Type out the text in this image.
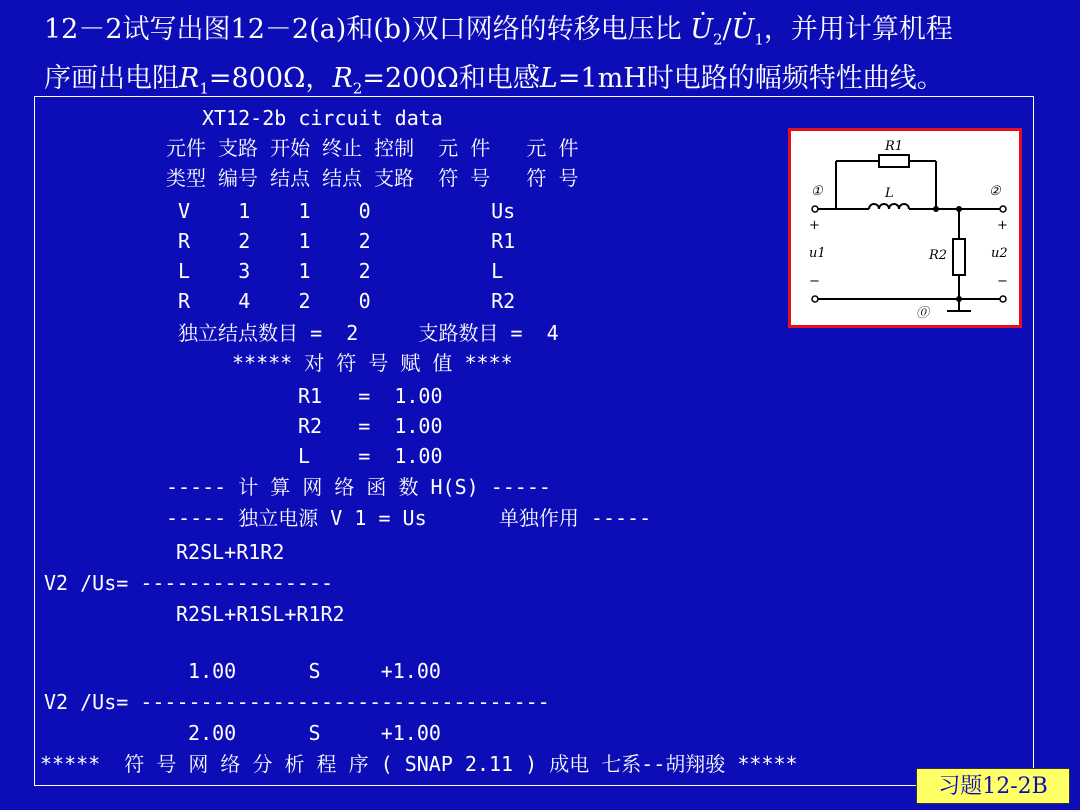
12－2试写出图12－2(a)和(b)双口网络的转移电压比 · $U_2/\cdot U_1$，并用计算机程
序画出电阻$R_1=800\Omega$，$R_2=200\Omega$和电感L=1mH时电路的幅频特性曲线。
XT12-2b circuit data
元件 支路 开始 终止 控制  元 件   元 件
类型 编号 结点 结点 支路  符 号   符 号
V    1    1    0          Us
R    2    1    2          R1
L    3    1    2          L
R    4    2    0          R2
独立结点数目 =  2     支路数目 =  4
***** 对 符 号 赋 值 ****
R1   =  1.00
R2   =  1.00
L    =  1.00
----- 计 算 网 络 函 数 H(S) -----
----- 独立电源 V 1 = Us      单独作用 -----
R2SL+R1R2
V2 /Us= ----------------
R2SL+R1SL+R1R2
1.00      S     +1.00
V2 /Us= ----------------------------------
2.00      S     +1.00
*****  符 号 网 络 分 析 程 序 ( SNAP 2.11 ) 成电 七系--胡翔骏 *****
R1
L
R2
①	②
⓪
+
u1
−
+
u2
−
习题12-2B
